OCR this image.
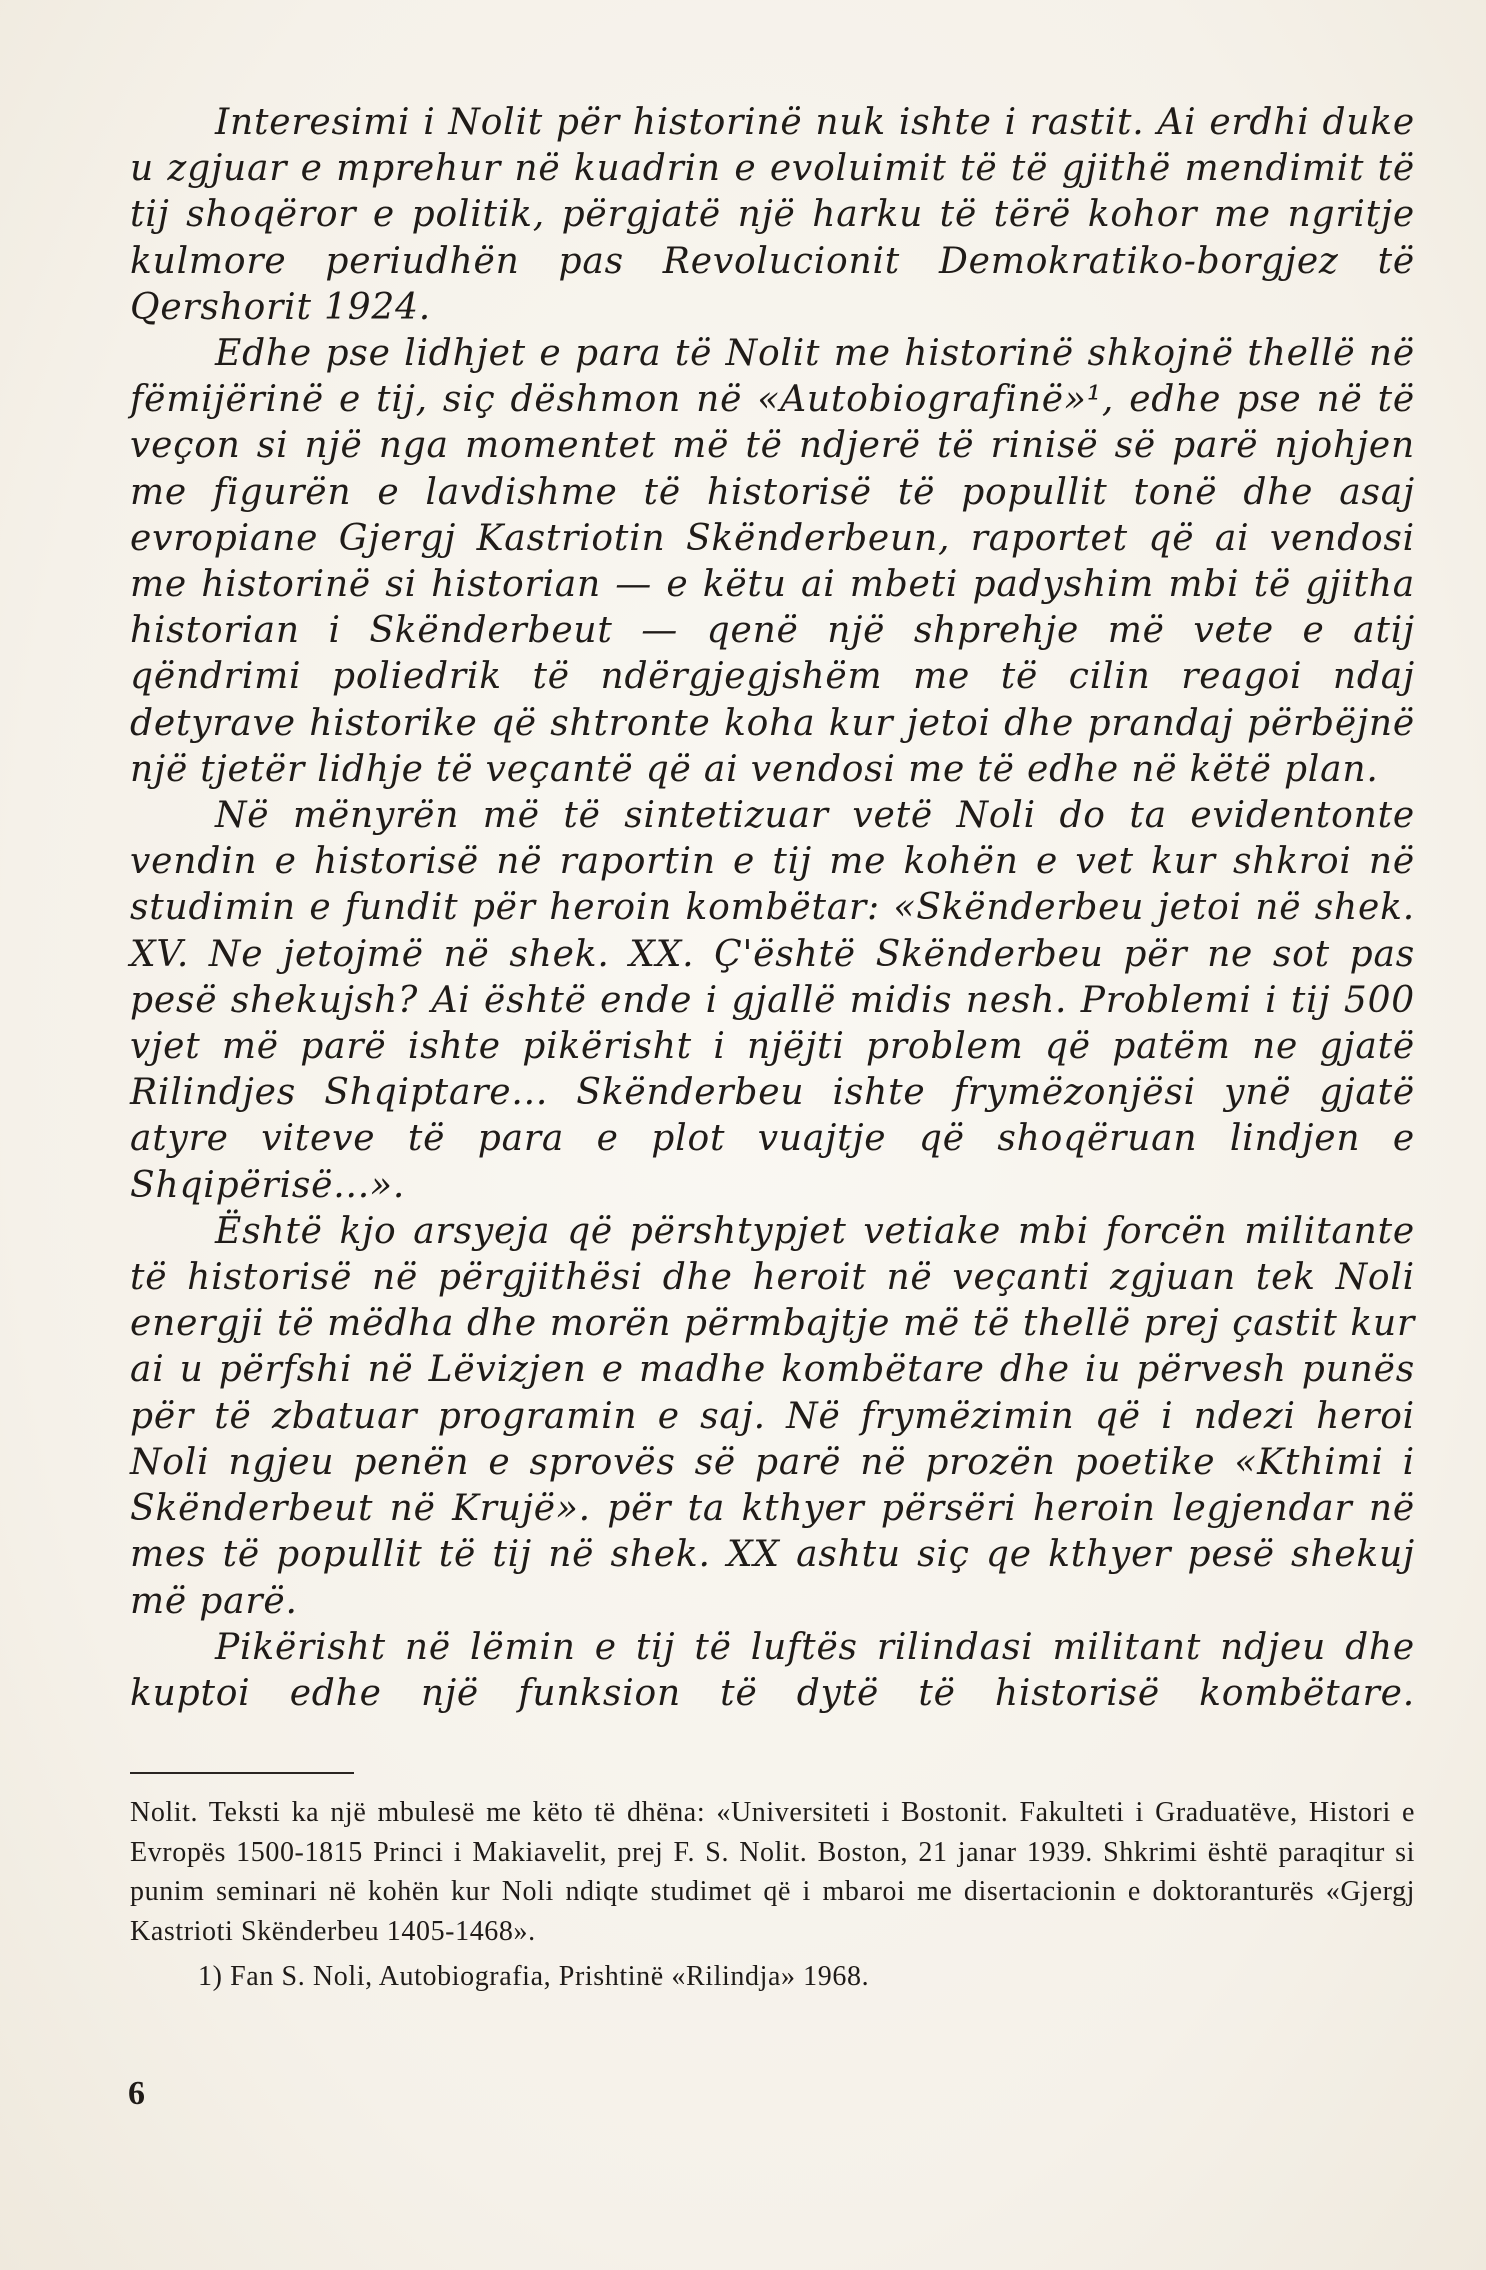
Interesimi i Nolit për historinë nuk ishte i rastit. Ai erdhi duke u zgjuar e mprehur në kuadrin e evoluimit të të gjithë mendimit të tij shoqëror e politik, përgjatë një harku të tërë kohor me ngritje kulmore periudhën pas Revolucionit Demokratiko-borgjez të Qershorit 1924.

Edhe pse lidhjet e para të Nolit me historinë shkojnë thellë në fëmijërinë e tij, siç dëshmon në «Autobiografinë»¹, edhe pse në të veçon si një nga momentet më të ndjerë të rinisë së parë njohjen me figurën e lavdishme të historisë të popullit tonë dhe asaj evropiane Gjergj Kastriotin Skënderbeun, raportet që ai vendosi me historinë si historian — e këtu ai mbeti padyshim mbi të gjitha historian i Skënderbeut — qenë një shprehje më vete e atij qëndrimi poliedrik të ndërgjegjshëm me të cilin reagoi ndaj detyrave historike që shtronte koha kur jetoi dhe prandaj përbëjnë një tjetër lidhje të veçantë që ai vendosi me të edhe në këtë plan.

Në mënyrën më të sintetizuar vetë Noli do ta evidentonte vendin e historisë në raportin e tij me kohën e vet kur shkroi në studimin e fundit për heroin kombëtar: «Skënderbeu jetoi në shek. XV. Ne jetojmë në shek. XX. Ç'është Skënderbeu për ne sot pas pesë shekujsh? Ai është ende i gjallë midis nesh. Problemi i tij 500 vjet më parë ishte pikërisht i njëjti problem që patëm ne gjatë Rilindjes Shqiptare... Skënderbeu ishte frymëzonjësi ynë gjatë atyre viteve të para e plot vuajtje që shoqëruan lindjen e Shqipërisë...».

Është kjo arsyeja që përshtypjet vetiake mbi forcën militante të historisë në përgjithësi dhe heroit në veçanti zgjuan tek Noli energji të mëdha dhe morën përmbajtje më të thellë prej çastit kur ai u përfshi në Lëvizjen e madhe kombëtare dhe iu përvesh punës për të zbatuar programin e saj. Në frymëzimin që i ndezi heroi Noli ngjeu penën e sprovës së parë në prozën poetike «Kthimi i Skënderbeut në Krujë». për ta kthyer përsëri heroin legjendar në mes të popullit të tij në shek. XX ashtu siç qe kthyer pesë shekuj më parë.

Pikërisht në lëmin e tij të luftës rilindasi militant ndjeu dhe kuptoi edhe një funksion të dytë të historisë kombëtare.

Nolit. Teksti ka një mbulesë me këto të dhëna: «Universiteti i Bostonit. Fakulteti i Graduatëve, Histori e Evropës 1500-1815 Princi i Makiavelit, prej F. S. Nolit. Boston, 21 janar 1939. Shkrimi është paraqitur si punim seminari në kohën kur Noli ndiqte studimet që i mbaroi me disertacionin e doktoranturës «Gjergj Kastrioti Skënderbeu 1405-1468».

1) Fan S. Noli, Autobiografia, Prishtinë «Rilindja» 1968.

6
